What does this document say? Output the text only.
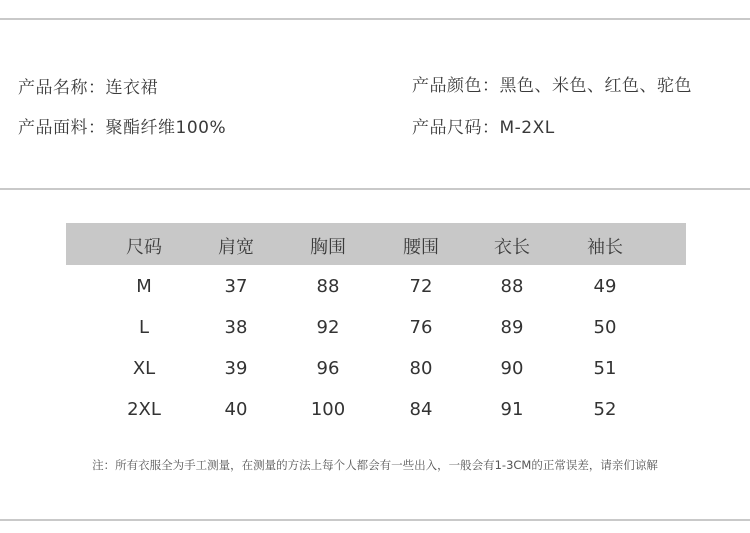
产品名称：连衣裙	产品颜色：黑色、米色、红色、驼色
产品面料：聚酯纤维100%	产品尺码：M-2XL
尺码	肩宽	胸围	腰围	衣长	袖长
M	37	88	72	88	49
L	38	92	76	89	50
XL	39	96	80	90	51
2XL	40	100	84	91	52
注：所有衣服全为手工测量，在测量的方法上每个人都会有一些出入，一般会有1-3CM的正常误差，请亲们谅解
